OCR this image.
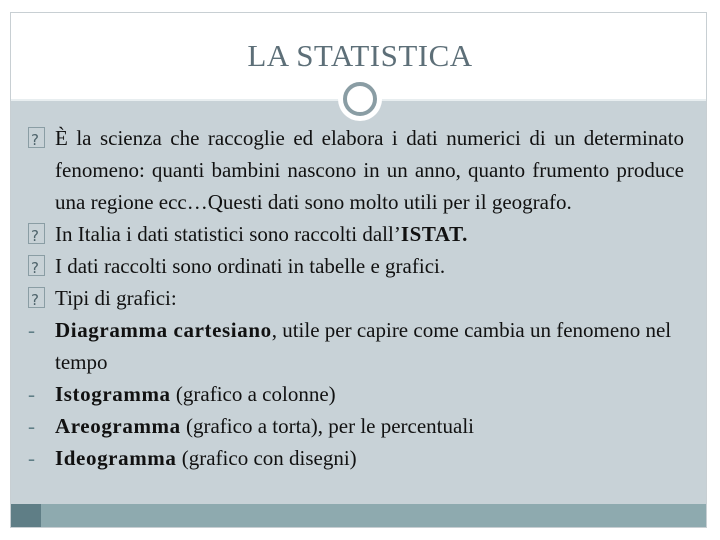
LA STATISTICA
?
È la scienza che raccoglie ed elabora i dati numerici di un determinato fenomeno: quanti bambini nascono in un anno, quanto frumento produce una regione ecc…Questi dati sono molto utili per il geografo.
?
In Italia i dati statistici sono raccolti dall’ISTAT.
?
I dati raccolti sono ordinati in tabelle e grafici.
?
Tipi di grafici:
- Diagramma cartesiano, utile per capire come cambia un fenomeno nel tempo
- Istogramma (grafico a colonne)
- Areogramma (grafico a torta), per le percentuali
- Ideogramma (grafico con disegni)
